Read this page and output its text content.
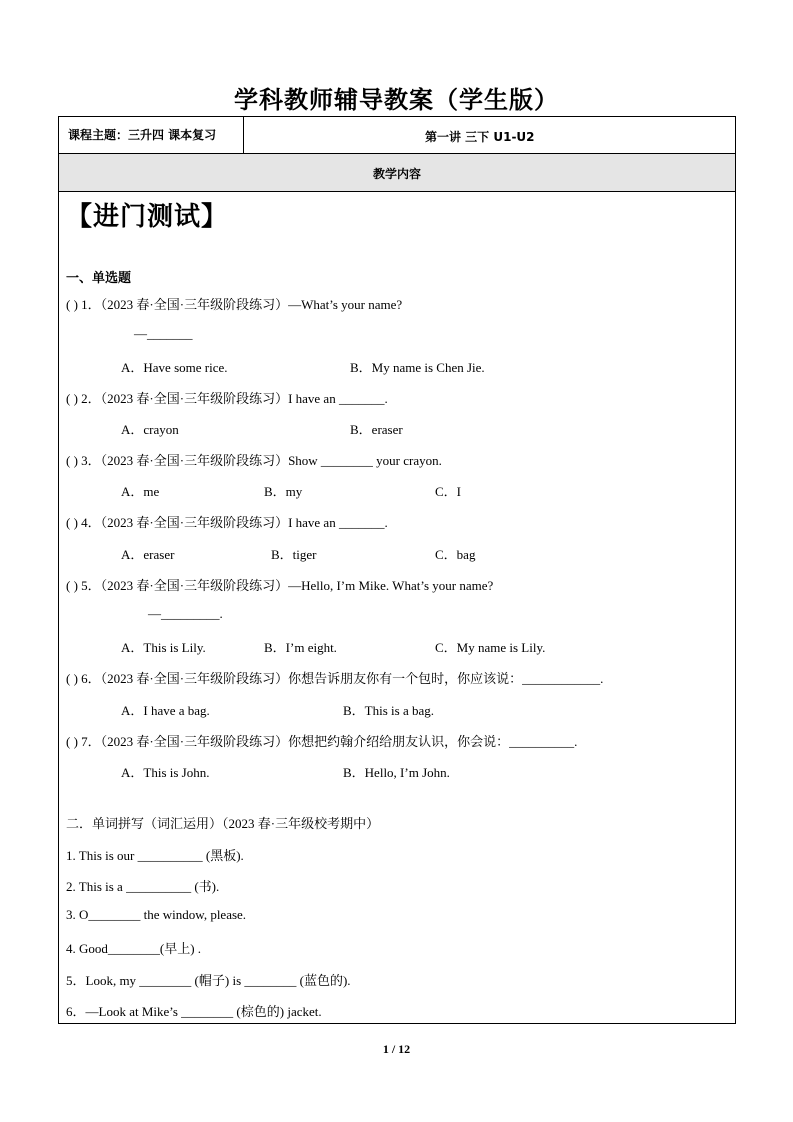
学科教师辅导教案（学生版）
课程主题：三升四 课本复习	第一讲 三下 U1-U2
教学内容
【进门测试】
一、单选题
( ) 1．（2023 春·全国·三年级阶段练习）—What’s your name?
—_______
A．Have some rice.	B．My name is Chen Jie.
( ) 2．（2023 春·全国·三年级阶段练习）I have an _______.
A．crayon	B．eraser
( ) 3．（2023 春·全国·三年级阶段练习）Show ________ your crayon.
A．me	B．my	C．I
( ) 4．（2023 春·全国·三年级阶段练习）I have an _______.
A．eraser	B．tiger	C．bag
( ) 5．（2023 春·全国·三年级阶段练习）—Hello, I’m Mike. What’s your name?
—_________.
A．This is Lily.	B．I’m eight.	C．My name is Lily.
( ) 6．（2023 春·全国·三年级阶段练习）你想告诉朋友你有一个包时，你应该说：____________.
A．I have a bag.	B．This is a bag.
( ) 7．（2023 春·全国·三年级阶段练习）你想把约翰介绍给朋友认识，你会说：__________.
A．This is John.	B．Hello, I’m John.
二．单词拼写（词汇运用）（2023 春·三年级校考期中）
1. This is our __________ (黑板).
2. This is a __________ (书).
3. O________ the window, please.
4. Good________(早上) .
5．Look, my ________ (帽子) is ________ (蓝色的).
6．—Look at Mike’s ________ (棕色的) jacket.
1 / 12
